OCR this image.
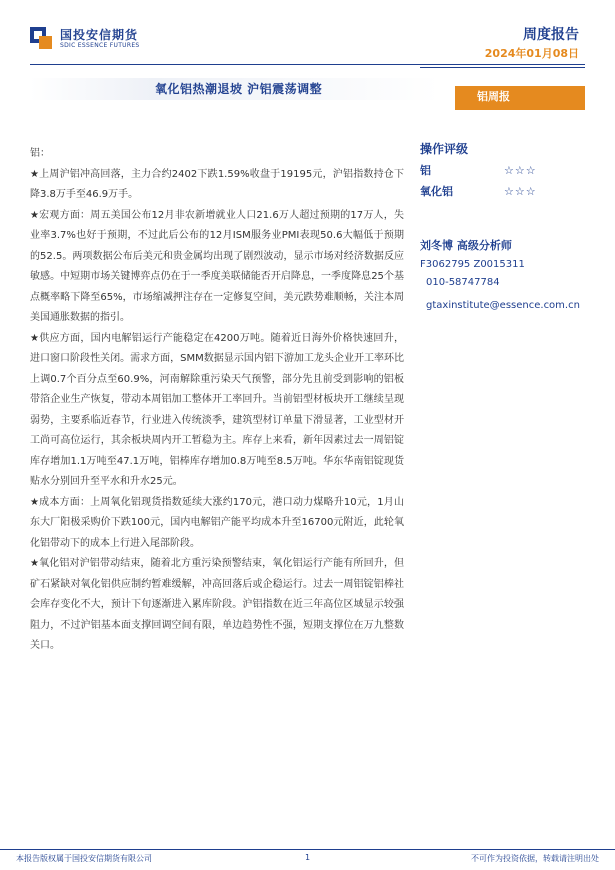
国投安信期货
SDIC ESSENCE FUTURES
周度报告
2024年01月08日
氧化铝热潮退坡 沪铝震荡调整
铝周报

铝：

★上周沪铝冲高回落，主力合约2402下跌1.59%收盘于19195元，沪铝指数持仓下降3.8万手至46.9万手。

★宏观方面：周五美国公布12月非农新增就业人口21.6万人超过预期的17万人，失业率3.7%也好于预期，不过此后公布的12月ISM服务业PMI表现50.6大幅低于预期的52.5。两项数据公布后美元和贵金属均出现了剧烈波动，显示市场对经济数据反应敏感。中短期市场关键博弈点仍在于一季度美联储能否开启降息，一季度降息25个基点概率略下降至65%，市场缩减押注存在一定修复空间，美元跌势难顺畅，关注本周美国通胀数据的指引。

★供应方面，国内电解铝运行产能稳定在4200万吨。随着近日海外价格快速回升，进口窗口阶段性关闭。需求方面，SMM数据显示国内铝下游加工龙头企业开工率环比上调0.7个百分点至60.9%，河南解除重污染天气预警，部分先且前受到影响的铝板带箔企业生产恢复，带动本周铝加工整体开工率回升。当前铝型材板块开工继续呈现弱势，主要系临近春节，行业进入传统淡季，建筑型材订单量下滑显著，工业型材开工尚可高位运行，其余板块周内开工暂稳为主。库存上来看，新年因素过去一周铝锭库存增加1.1万吨至47.1万吨，铝棒库存增加0.8万吨至8.5万吨。华东华南铝锭现货贴水分别回升至平水和升水25元。

★成本方面：上周氧化铝现货指数延续大涨约170元，港口动力煤略升10元，1月山东大厂阳极采购价下跌100元，国内电解铝产能平均成本升至16700元附近，此轮氧化铝带动下的成本上行进入尾部阶段。

★氧化铝对沪铝带动结束，随着北方重污染预警结束，氧化铝运行产能有所回升，但矿石紧缺对氧化铝供应制约暂难缓解，冲高回落后或企稳运行。过去一周铝锭铝棒社会库存变化不大，预计下旬逐渐进入累库阶段。沪铝指数在近三年高位区域显示较强阻力，不过沪铝基本面支撑回调空间有限，单边趋势性不强，短期支撑位在万九整数关口。

操作评级
铝	☆☆☆
氧化铝	☆☆☆
刘冬博 高级分析师
F3062795 Z0015311
010-58747784
gtaxinstitute@essence.com.cn
本报告版权属于国投安信期货有限公司	1	不可作为投资依据，转载请注明出处
